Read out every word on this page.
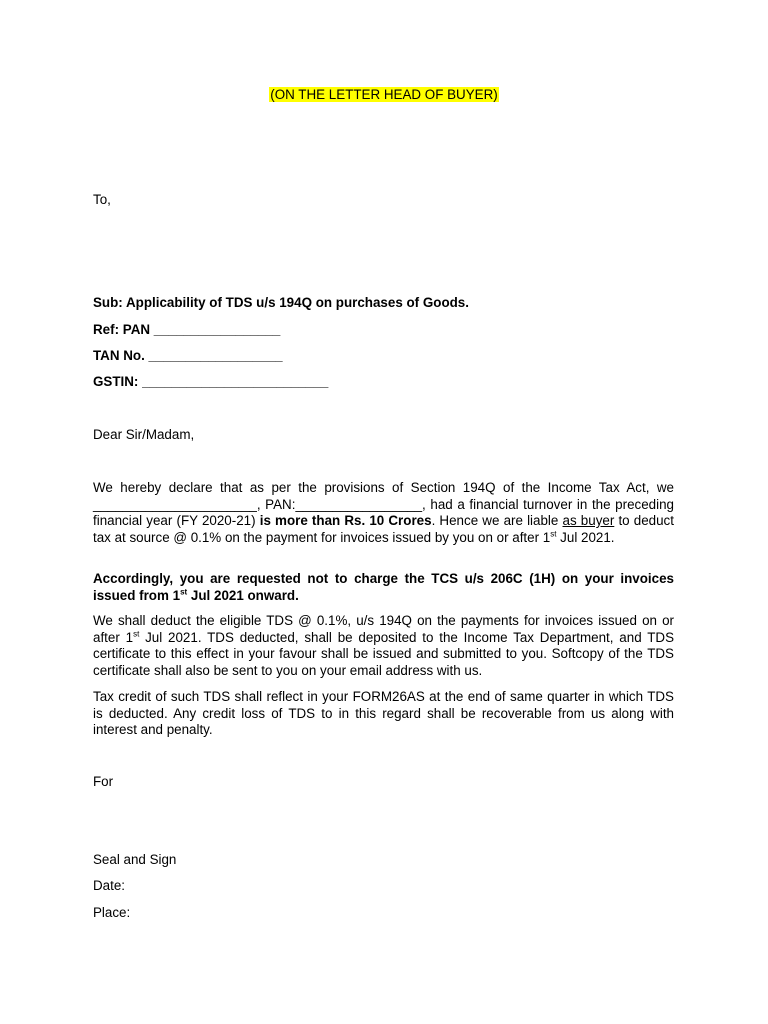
(ON THE LETTER HEAD OF BUYER)
To,
Sub: Applicability of TDS u/s 194Q on purchases of Goods.
Ref: PAN _________________
TAN No. __________________
GSTIN: _________________________
Dear Sir/Madam,
We hereby declare that as per the provisions of Section 194Q of the Income Tax Act, we ______________________, PAN:_________________, had a financial turnover in the preceding financial year (FY 2020-21) is more than Rs. 10 Crores. Hence we are liable as buyer to deduct tax at source @ 0.1% on the payment for invoices issued by you on or after 1st Jul 2021.
Accordingly, you are requested not to charge the TCS u/s 206C (1H) on your invoices issued from 1st Jul 2021 onward.
We shall deduct the eligible TDS @ 0.1%, u/s 194Q on the payments for invoices issued on or after 1st Jul 2021. TDS deducted, shall be deposited to the Income Tax Department, and TDS certificate to this effect in your favour shall be issued and submitted to you. Softcopy of the TDS certificate shall also be sent to you on your email address with us.
Tax credit of such TDS shall reflect in your FORM26AS at the end of same quarter in which TDS is deducted. Any credit loss of TDS to in this regard shall be recoverable from us along with interest and penalty.
For
Seal and Sign
Date:
Place:
